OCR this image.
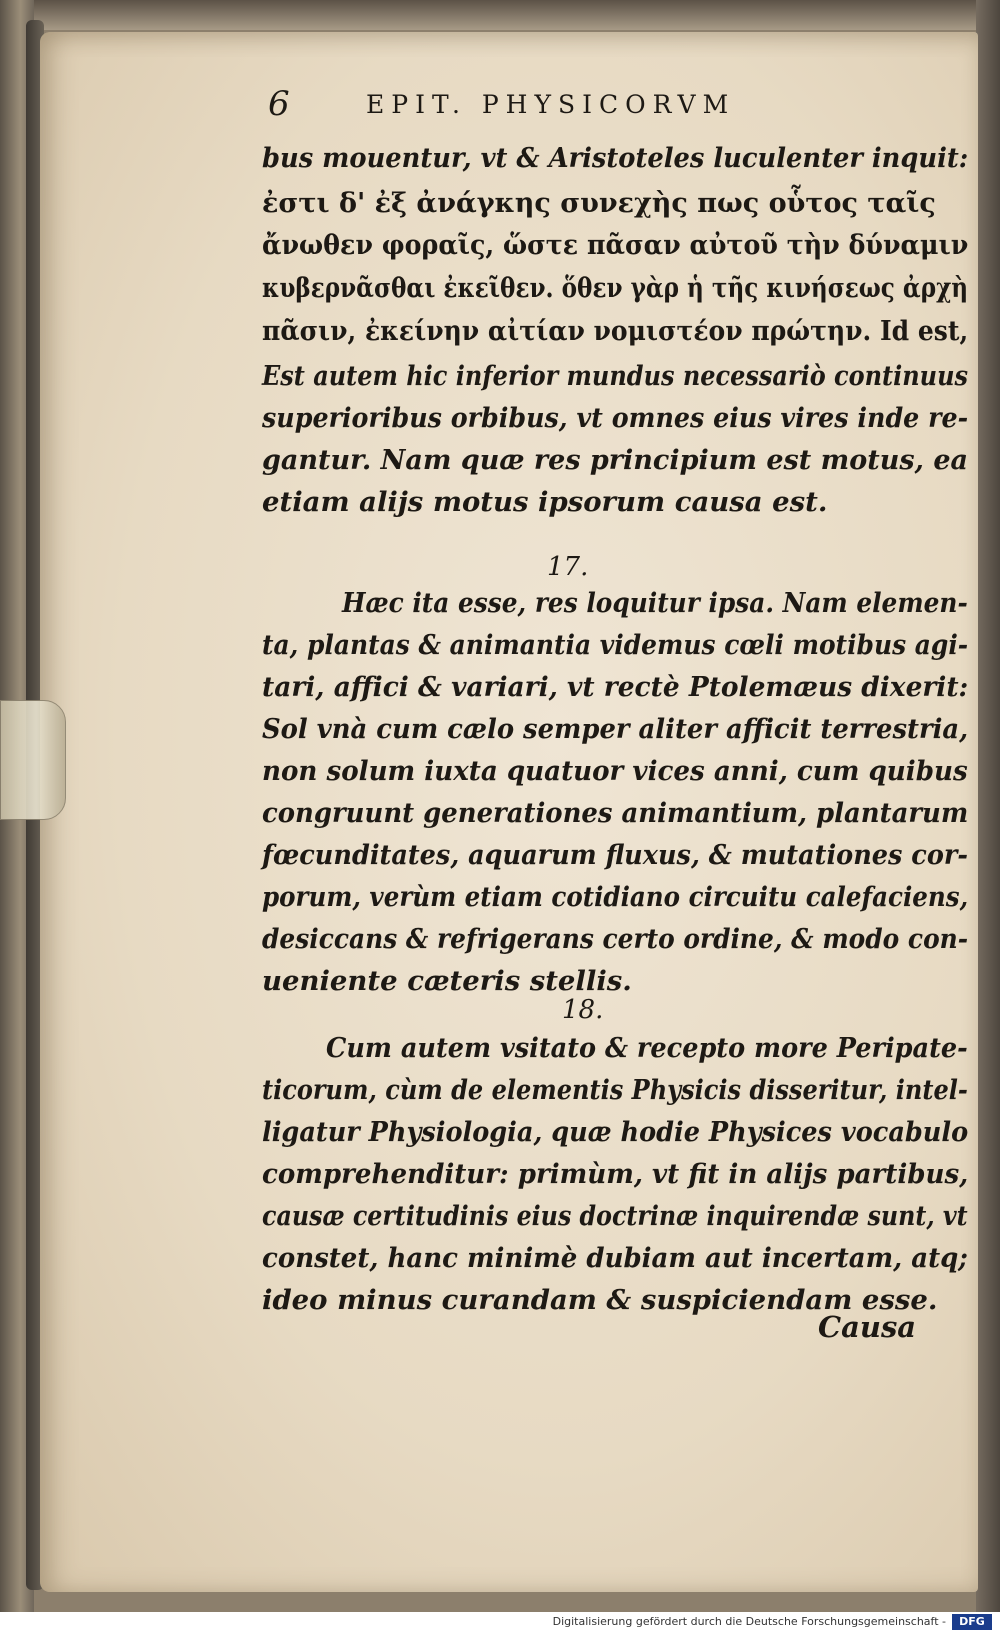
6	EPIT. PHYSICORVM
bus mouentur, vt & Aristoteles luculenter inquit:
ἐστι δ' ἐξ ἀνάγκης συνεχὴς πως οὗτος ταῖς
ἄνωθεν φοραῖς, ὥστε πᾶσαν αὐτοῦ τὴν δύναμιν
κυβερνᾶσθαι ἐκεῖθεν. ὅθεν γὰρ ἡ τῆς κινήσεως ἀρχὴ
πᾶσιν, ἐκείνην αἰτίαν νομιστέον πρώτην. Id est,
Est autem hic inferior mundus necessariò continuus
superioribus orbibus, vt omnes eius vires inde re-
gantur. Nam quæ res principium est motus, ea
etiam alijs motus ipsorum causa est.
17.
Hæc ita esse, res loquitur ipsa. Nam elemen-
ta, plantas & animantia videmus cœli motibus agi-
tari, affici & variari, vt rectè Ptolemæus dixerit:
Sol vnà cum cælo semper aliter afficit terrestria,
non solum iuxta quatuor vices anni, cum quibus
congruunt generationes animantium, plantarum
fœcunditates, aquarum fluxus, & mutationes cor-
porum, verùm etiam cotidiano circuitu calefaciens,
desiccans & refrigerans certo ordine, & modo con-
ueniente cæteris stellis.
18.
Cum autem vsitato & recepto more Peripate-
ticorum, cùm de elementis Physicis disseritur, intel-
ligatur Physiologia, quæ hodie Physices vocabulo
comprehenditur: primùm, vt fit in alijs partibus,
causæ certitudinis eius doctrinæ inquirendæ sunt, vt
constet, hanc minimè dubiam aut incertam, atq;
ideo minus curandam & suspiciendam esse.
Causa
Digitalisierung gefördert durch die Deutsche Forschungsgemeinschaft -	DFG
